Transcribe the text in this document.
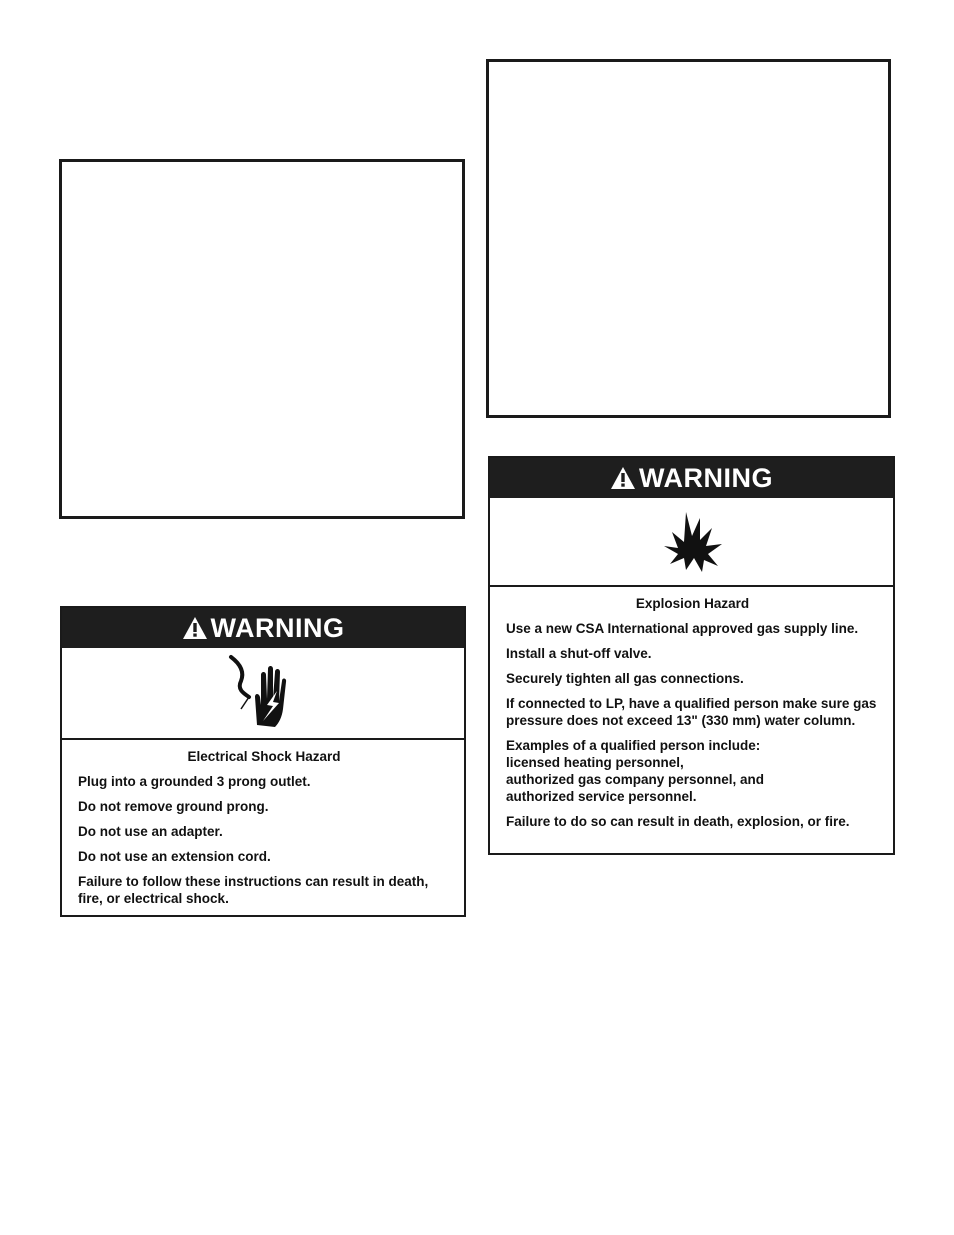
WARNING
Electrical Shock Hazard
Plug into a grounded 3 prong outlet.
Do not remove ground prong.
Do not use an adapter.
Do not use an extension cord.
Failure to follow these instructions can result in death, fire, or electrical shock.
WARNING
Explosion Hazard
Use a new CSA International approved gas supply line.
Install a shut-off valve.
Securely tighten all gas connections.
If connected to LP, have a qualified person make sure gas pressure does not exceed 13" (330 mm) water column.
Examples of a qualified person include:
licensed heating personnel,
authorized gas company personnel, and
authorized service personnel.
Failure to do so can result in death, explosion, or fire.
